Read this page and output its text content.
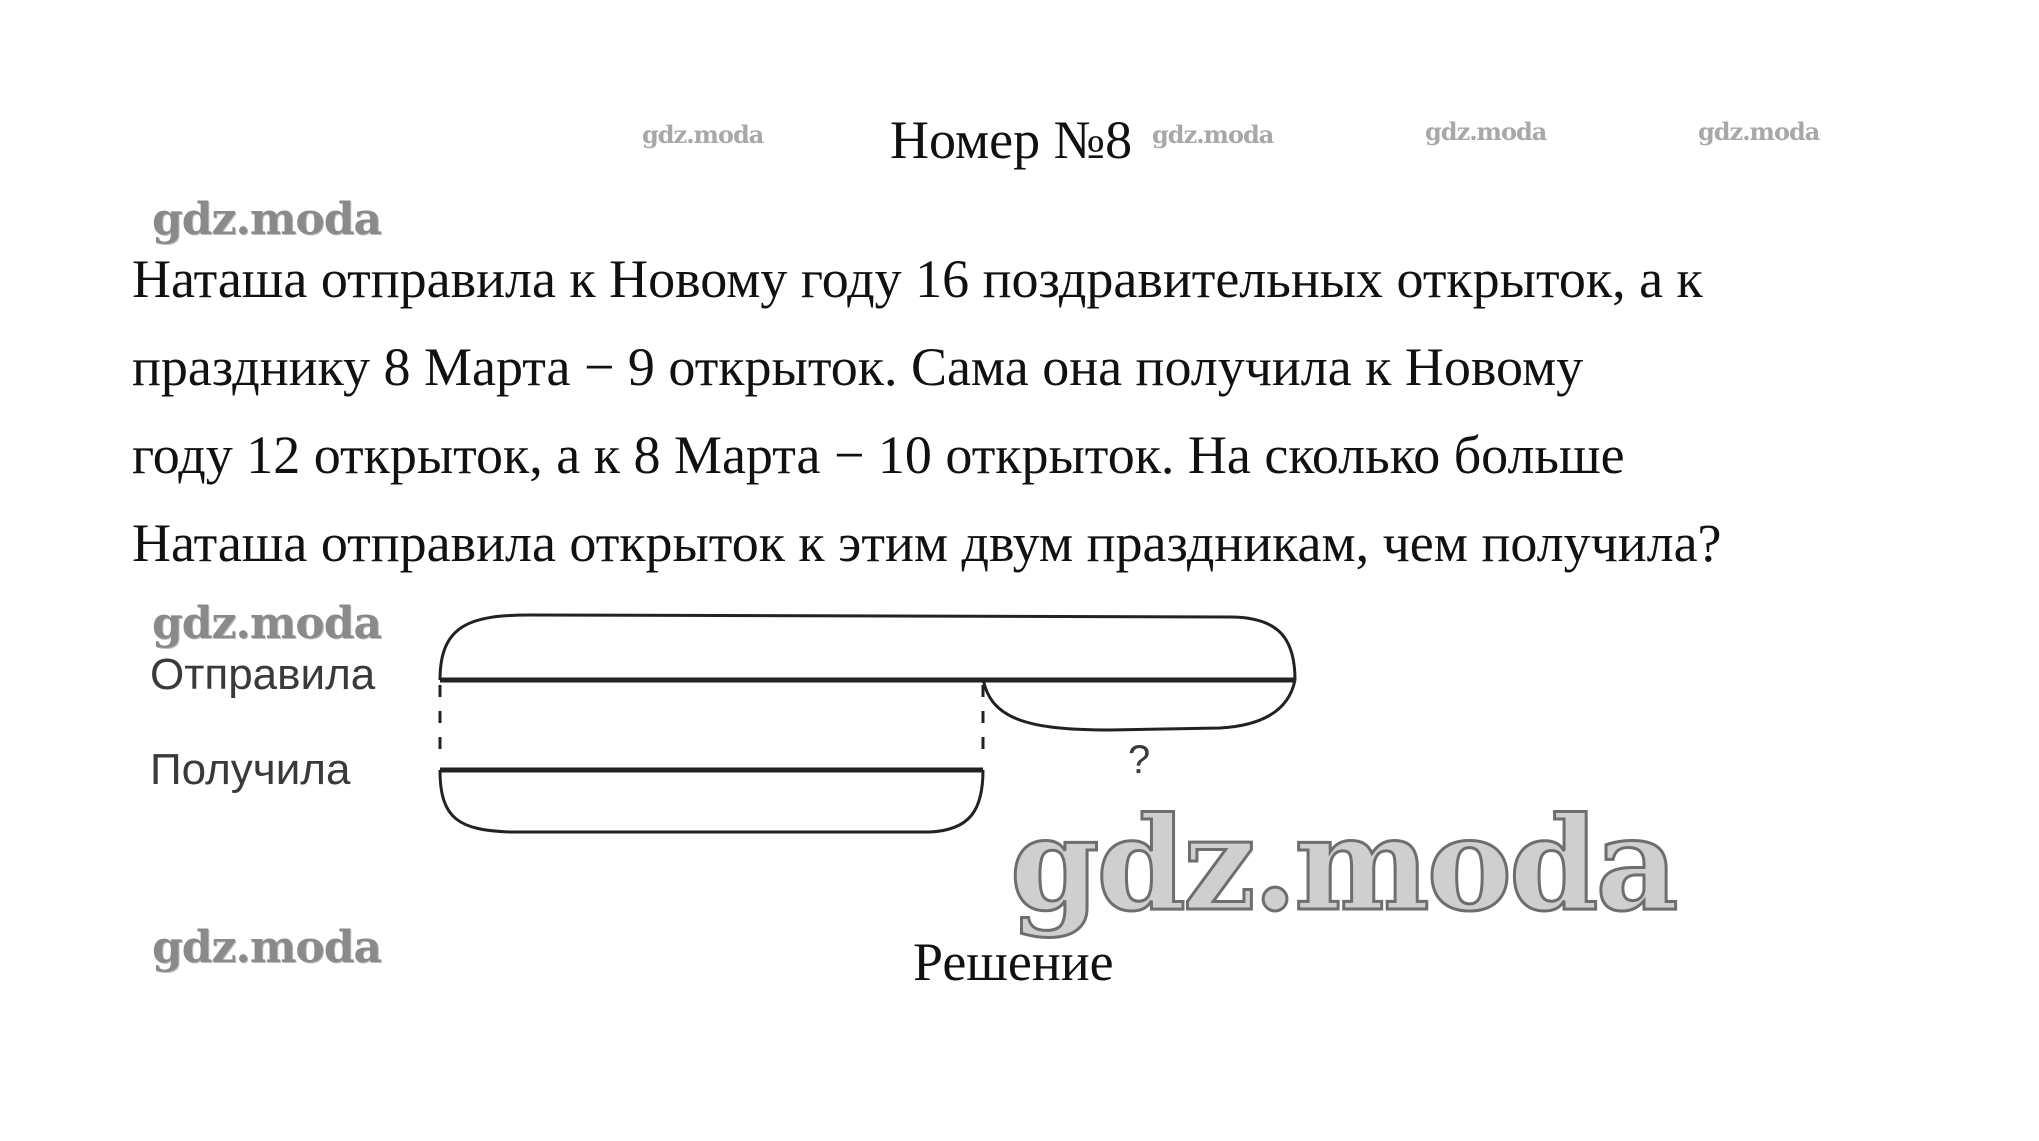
gdz.moda	gdz.moda	gdz.moda	gdz.moda
gdz.moda
gdz.moda
gdz.moda
Номер №8
Наташа отправила к Новому году 16 поздравительных открыток, а к
празднику 8 Марта − 9 открыток. Сама она получила к Новому
году 12 открыток, а к 8 Марта − 10 открыток. На сколько больше
Наташа отправила открыток к этим двум праздникам, чем получила?
Отправила
Получила	?
gdz.moda
Решение
